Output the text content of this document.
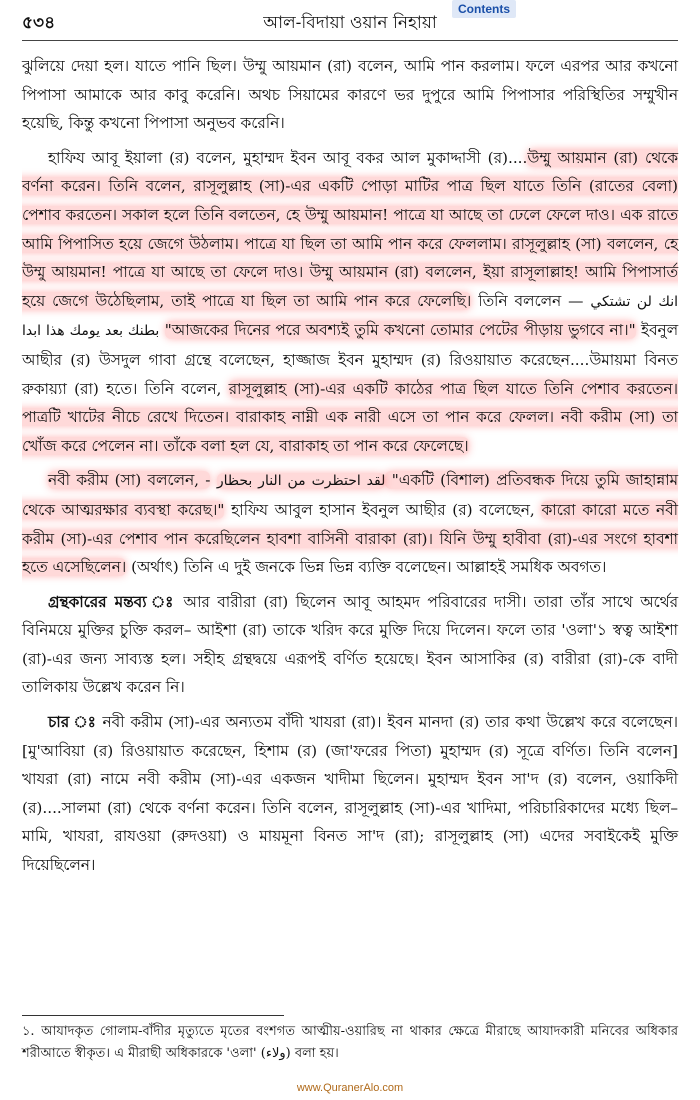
৫৩৪	আল-বিদায়া ওয়ান নিহায়া
Contents

ঝুলিয়ে দেয়া হল। যাতে পানি ছিল। উম্মু আয়মান (রা) বলেন, আমি পান করলাম। ফলে এরপর আর কখনো পিপাসা আমাকে আর কাবু করেনি। অথচ সিয়ামের কারণে ভর দুপুরে আমি পিপাসার পরিস্থিতির সম্মুখীন হয়েছি, কিন্তু কখনো পিপাসা অনুভব করেনি।

হাফিয আবূ ইয়ালা (র) বলেন, মুহাম্মদ ইবন আবূ বকর আল মুকাদ্দাসী (র)....উম্মু আয়মান (রা) থেকে বর্ণনা করেন। তিনি বলেন, রাসূলুল্লাহ (সা)-এর একটি পোড়া মাটির পাত্র ছিল যাতে তিনি (রাতের বেলা) পেশাব করতেন। সকাল হলে তিনি বলতেন, হে উম্মু আয়মান! পাত্রে যা আছে তা ঢেলে ফেলে দাও। এক রাতে আমি পিপাসিত হয়ে জেগে উঠলাম। পাত্রে যা ছিল তা আমি পান করে ফেললাম। রাসূলুল্লাহ (সা) বললেন, হে উম্মু আয়মান! পাত্রে যা আছে তা ফেলে দাও। উম্মু আয়মান (রা) বললেন, ইয়া রাসূলাল্লাহ! আমি পিপাসার্ত হয়ে জেগে উঠেছিলাম, তাই পাত্রে যা ছিল তা আমি পান করে ফেলেছি। তিনি বললেন — انك لن تشتكي بطنك بعد يومك هذا ابدا "আজকের দিনের পরে অবশ্যই তুমি কখনো তোমার পেটের পীড়ায় ভুগবে না।" ইবনুল আছীর (র) উসদুল গাবা গ্রন্থে বলেছেন, হাজ্জাজ ইবন মুহাম্মদ (র) রিওয়ায়াত করেছেন....উমায়মা বিনত রুকায়্যা (রা) হতে। তিনি বলেন, রাসূলুল্লাহ (সা)-এর একটি কাঠের পাত্র ছিল যাতে তিনি পেশাব করতেন। পাত্রটি খাটের নীচে রেখে দিতেন। বারাকাহ নাম্নী এক নারী এসে তা পান করে ফেলল। নবী করীম (সা) তা খোঁজ করে পেলেন না। তাঁকে বলা হল যে, বারাকাহ তা পান করে ফেলেছে।

নবী করীম (সা) বললেন, - لقد احتظرت من النار بحظار "একটি (বিশাল) প্রতিবন্ধক দিয়ে তুমি জাহান্নাম থেকে আত্মরক্ষার ব্যবস্থা করেছ।" হাফিয আবুল হাসান ইবনুল আছীর (র) বলেছেন, কারো কারো মতে নবী করীম (সা)-এর পেশাব পান করেছিলেন হাবশা বাসিনী বারাকা (রা)। যিনি উম্মু হাবীবা (রা)-এর সংগে হাবশা হতে এসেছিলেন। (অর্থাৎ) তিনি এ দুই জনকে ভিন্ন ভিন্ন ব্যক্তি বলেছেন। আল্লাহই সমধিক অবগত।

গ্রন্থকারের মন্তব্য ঃ আর বারীরা (রা) ছিলেন আবূ আহমদ পরিবারের দাসী। তারা তাঁর সাথে অর্থের বিনিময়ে মুক্তির চুক্তি করল– আইশা (রা) তাকে খরিদ করে মুক্তি দিয়ে দিলেন। ফলে তার 'ওলা'১ স্বত্ব আইশা (রা)-এর জন্য সাব্যস্ত হল। সহীহ গ্রন্থদ্বয়ে এরূপই বর্ণিত হয়েছে। ইবন আসাকির (র) বারীরা (রা)-কে বাদী তালিকায় উল্লেখ করেন নি।

চার ঃ নবী করীম (সা)-এর অন্যতম বাঁদী খাযরা (রা)। ইবন মানদা (র) তার কথা উল্লেখ করে বলেছেন। [মু'আবিয়া (র) রিওয়ায়াত করেছেন, হিশাম (র) (জা'ফরের পিতা) মুহাম্মদ (র) সূত্রে বর্ণিত। তিনি বলেন] খাযরা (রা) নামে নবী করীম (সা)-এর একজন খাদীমা ছিলেন। মুহাম্মদ ইবন সা'দ (র) বলেন, ওয়াকিদী (র)....সালমা (রা) থেকে বর্ণনা করেন। তিনি বলেন, রাসূলুল্লাহ (সা)-এর খাদিমা, পরিচারিকাদের মধ্যে ছিল– মামি, খাযরা, রাযওয়া (রুদওয়া) ও মায়মূনা বিনত সা'দ (রা); রাসূলুল্লাহ (সা) এদের সবাইকেই মুক্তি দিয়েছিলেন।

১. আযাদকৃত গোলাম-বাঁদীর মৃত্যুতে মৃতের বংশগত আত্মীয়-ওয়ারিছ না থাকার ক্ষেত্রে মীরাছে আযাদকারী মনিবের অধিকার শরীআতে স্বীকৃত। এ মীরাছী অধিকারকে 'ওলা' (ولاء) বলা হয়।
www.QuranerAlo.com
